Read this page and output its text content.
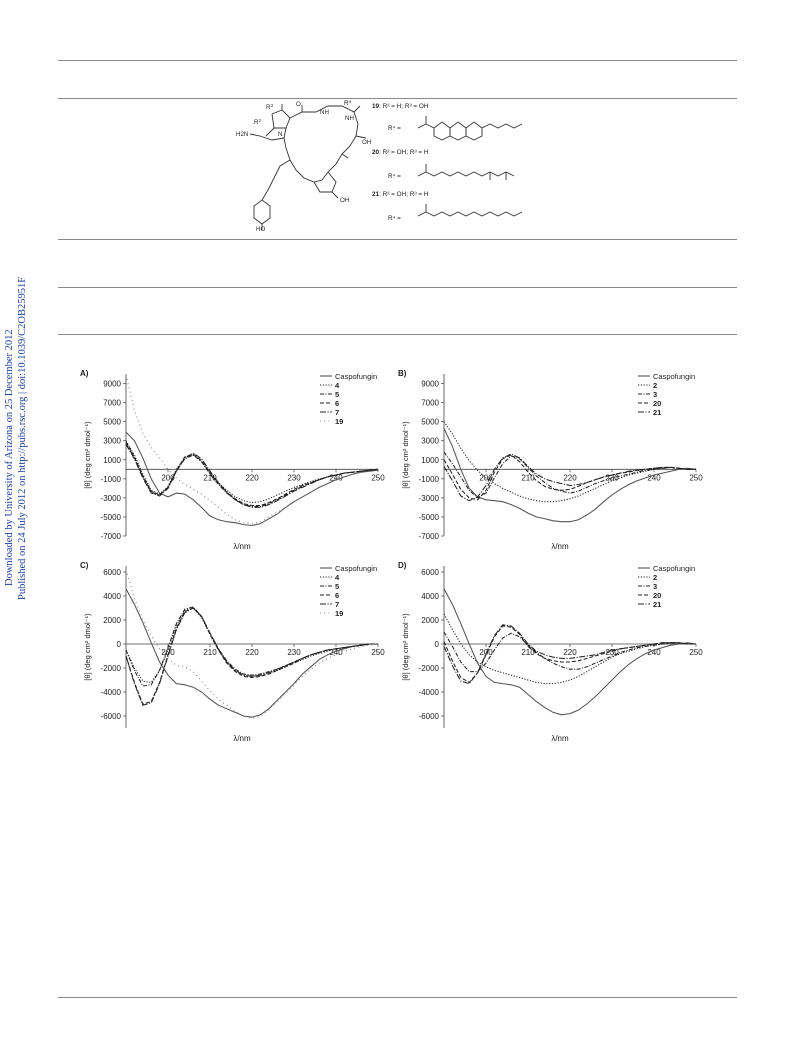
Downloaded by University of Arizona on 25 December 2012 Published on 24 July 2012 on http://pubs.rsc.org | doi:10.1039/C2OB25951F
$R^3$
$R^2$
NH
$R^4$
NH
H2N	N
OH
O
OH
HO
19: R² = H; R³ = OH
R⁴ =
20: R² = OH; R³ = H
R⁴ =
21: R² = OH; R³ = H
R⁴ =
A)
9000
7000
5000
3000
1000
-1000
-3000
-5000
-7000
200	210	220	230	240	250
λ/nm
[θ] (deg cm² dmol⁻¹)
Caspofungin
4
5
6
7
19
B)
9000
7000
5000
3000
1000
-1000
-3000
-5000
-7000
200	210	220	230	240	250
λ/nm
[θ] (deg cm² dmol⁻¹)
Caspofungin
2
3
20
21
C)
6000
4000
2000
0
-2000
-4000
-6000
200	210	220	230	240	250
λ/nm
[θ] (deg cm² dmol⁻¹)
Caspofungin
4
5
6
7
19
D)
6000
4000
2000
0
-2000
-4000
-6000
200	210	220	230	240	250
λ/nm
[θ] (deg cm² dmol⁻¹)
Caspofungin
2
3
20
21
